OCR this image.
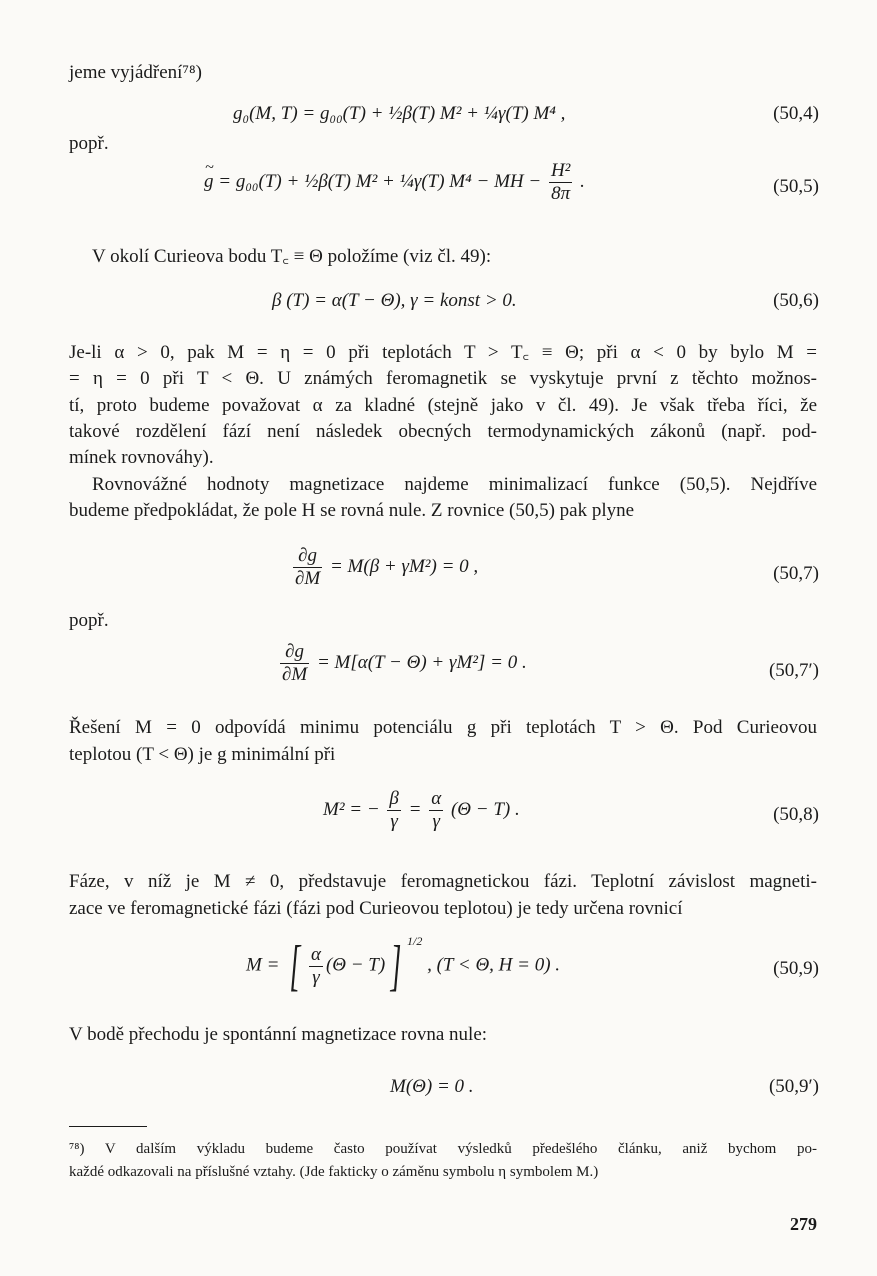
jeme vyjádření⁷⁸)
g₀(M, T) = g₀₀(T) + ½β(T) M² + ¼γ(T) M⁴ ,	(50,4)
popř.
~ g = g₀₀(T) + ½β(T) M² + ¼γ(T) M⁴ − MH − $\frac{\text{H²}}{8\pi}$ .	(50,5)
V okolí Curieova bodu T꜀ ≡ Θ položíme (viz čl. 49):
β (T) = α(T − Θ), γ = konst > 0.	(50,6)
Je-li α > 0, pak M = η = 0 při teplotách T > T꜀ ≡ Θ; při α < 0 by bylo M =
= η = 0 při T < Θ. U známých feromagnetik se vyskytuje první z těchto možnos-
tí, proto budeme považovat α za kladné (stejně jako v čl. 49). Je však třeba říci, že
takové rozdělení fází není následek obecných termodynamických zákonů (např. pod-
mínek rovnováhy).
Rovnovážné hodnoty magnetizace najdeme minimalizací funkce (50,5). Nejdříve
budeme předpokládat, že pole H se rovná nule. Z rovnice (50,5) pak plyne
$\frac{\partial g}{\partial M} = M(\beta + \gamma M^2) = 0$ ,	(50,7)
popř.
$\frac{\partial g}{\partial M} = M[\alpha(T - \Theta) + \gamma M^2] = 0$ .	(50,7′)
Řešení M = 0 odpovídá minimu potenciálu g při teplotách T > Θ. Pod Curieovou
teplotou (T < Θ) je g minimální při
M² = − $\frac{\beta}{\gamma} = \frac{\alpha}{\gamma} (\Theta - T)$ .	(50,8)
Fáze, v níž je M ≠ 0, představuje feromagnetickou fázi. Teplotní závislost magneti-
zace ve feromagnetické fázi (fázi pod Curieovou teplotou) je tedy určena rovnicí
M = [ $\frac{\alpha}{\gamma} (\Theta - T)$] $^{1/2}$ , (T < Θ, H = 0) .	(50,9)
V bodě přechodu je spontánní magnetizace rovna nule:
M(Θ) = 0 .	(50,9′)
⁷⁸) V dalším výkladu budeme často používat výsledků předešlého článku, aniž bychom po-
každé odkazovali na příslušné vztahy. (Jde fakticky o záměnu symbolu η symbolem M.)
279
